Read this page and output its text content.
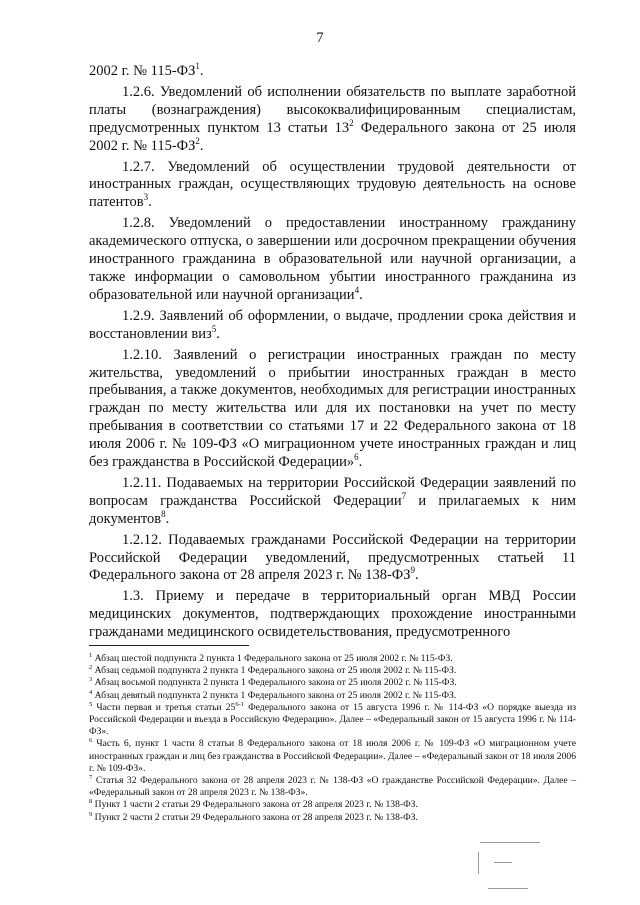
7

2002 г. № $115-ФЗ^1$.

1.2.6. Уведомлений об исполнении обязательств по выплате заработной платы (вознаграждения) высококвалифицированным специалистам, предусмотренных пунктом 13 статьи $13^2$ Федерального закона от 25 июля 2002 г. № $115-ФЗ^2$.

1.2.7. Уведомлений об осуществлении трудовой деятельности от иностранных граждан, осуществляющих трудовую деятельность на основе патентов$^3$.

1.2.8. Уведомлений о предоставлении иностранному гражданину академического отпуска, о завершении или досрочном прекращении обучения иностранного гражданина в образовательной или научной организации, а также информации о самовольном убытии иностранного гражданина из образовательной или научной организации$^4$.

1.2.9. Заявлений об оформлении, о выдаче, продлении срока действия и восстановлении виз$^5$.

1.2.10. Заявлений о регистрации иностранных граждан по месту жительства, уведомлений о прибытии иностранных граждан в место пребывания, а также документов, необходимых для регистрации иностранных граждан по месту жительства или для их постановки на учет по месту пребывания в соответствии со статьями 17 и 22 Федерального закона от 18 июля 2006 г. № 109-ФЗ «О миграционном учете иностранных граждан и лиц без гражданства в Российской Федерации»$^6$.

1.2.11. Подаваемых на территории Российской Федерации заявлений по вопросам гражданства Российской Федерации$^7$ и прилагаемых к ним документов$^8$.

1.2.12. Подаваемых гражданами Российской Федерации на территории Российской Федерации уведомлений, предусмотренных статьей 11 Федерального закона от 28 апреля 2023 г. № $138-ФЗ^9$.

1.3. Приему и передаче в территориальный орган МВД России медицинских документов, подтверждающих прохождение иностранными гражданами медицинского освидетельствования, предусмотренного

$^1$ Абзац шестой подпункта 2 пункта 1 Федерального закона от 25 июля 2002 г. № 115-ФЗ.

$^2$ Абзац седьмой подпункта 2 пункта 1 Федерального закона от 25 июля 2002 г. № 115-ФЗ.

$^3$ Абзац восьмой подпункта 2 пункта 1 Федерального закона от 25 июля 2002 г. № 115-ФЗ.

$^4$ Абзац девятый подпункта 2 пункта 1 Федерального закона от 25 июля 2002 г. № 115-ФЗ.

$^5$ Части первая и третья статьи 25$^{6-1}$ Федерального закона от 15 августа 1996 г. № 114-ФЗ «О порядке выезда из Российской Федерации и въезда в Российскую Федерацию». Далее – «Федеральный закон от 15 августа 1996 г. № 114-ФЗ».

$^6$ Часть 6, пункт 1 части 8 статьи 8 Федерального закона от 18 июля 2006 г. № 109-ФЗ «О миграционном учете иностранных граждан и лиц без гражданства в Российской Федерации». Далее – «Федеральный закон от 18 июля 2006 г. № 109-ФЗ».

$^7$ Статья 32 Федерального закона от 28 апреля 2023 г. № 138-ФЗ «О гражданстве Российской Федерации». Далее – «Федеральный закон от 28 апреля 2023 г. № 138-ФЗ».

$^8$ Пункт 1 части 2 статьи 29 Федерального закона от 28 апреля 2023 г. № 138-ФЗ.

$^9$ Пункт 2 части 2 статьи 29 Федерального закона от 28 апреля 2023 г. № 138-ФЗ.
